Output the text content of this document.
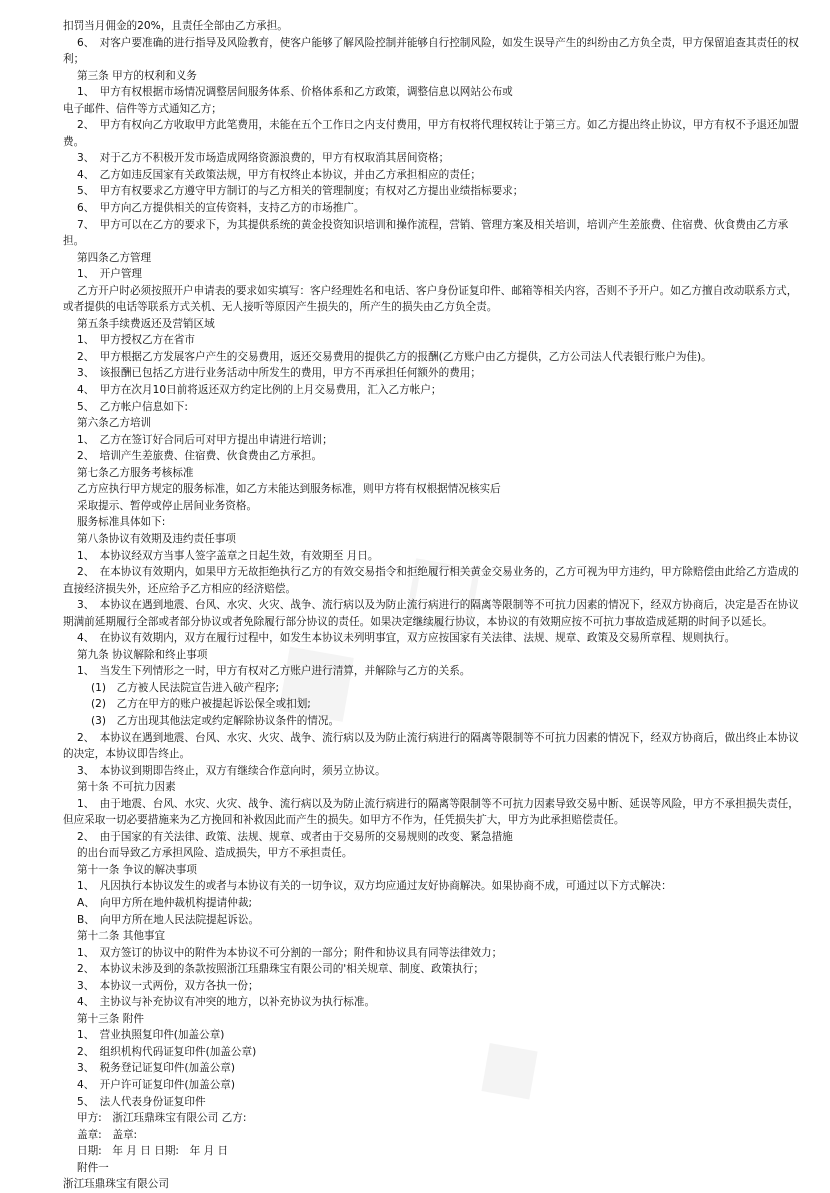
扣罚当月佣金的20%，且责任全部由乙方承担。

6、　对客户要准确的进行指导及风险教育，使客户能够了解风险控制并能够自行控制风险，如发生误导产生的纠纷由乙方负全责，甲方保留追查其责任的权利；

第三条 甲方的权利和义务

1、　甲方有权根据市场情况调整居间服务体系、价格体系和乙方政策，调整信息以网站公布或

电子邮件、信件等方式通知乙方；

2、　甲方有权向乙方收取甲方此笔费用，未能在五个工作日之内支付费用，甲方有权将代理权转让于第三方。如乙方提出终止协议，甲方有权不予退还加盟费。

3、　对于乙方不积极开发市场造成网络资源浪费的，甲方有权取消其居间资格；

4、　乙方如违反国家有关政策法规，甲方有权终止本协议，并由乙方承担相应的责任；

5、　甲方有权要求乙方遵守甲方制订的与乙方相关的管理制度；有权对乙方提出业绩指标要求；

6、　甲方向乙方提供相关的宣传资料，支持乙方的市场推广。

7、　甲方可以在乙方的要求下，为其提供系统的黄金投资知识培训和操作流程，营销、管理方案及相关培训，培训产生差旅费、住宿费、伙食费由乙方承担。

第四条乙方管理

1、　开户管理

乙方开户时必须按照开户申请表的要求如实填写：客户经理姓名和电话、客户身份证复印件、邮箱等相关内容，否则不予开户。如乙方擅自改动联系方式，或者提供的电话等联系方式关机、无人接听等原因产生损失的，所产生的损失由乙方负全责。

第五条手续费返还及营销区域

1、　甲方授权乙方在省市

2、　甲方根据乙方发展客户产生的交易费用，返还交易费用的提供乙方的报酬(乙方账户由乙方提供，乙方公司法人代表银行账户为佳)。

3、　该报酬已包括乙方进行业务活动中所发生的费用，甲方不再承担任何额外的费用；

4、　甲方在次月10日前将返还双方约定比例的上月交易费用，汇入乙方帐户；

5、　乙方帐户信息如下:

第六条乙方培训

1、　乙方在签订好合同后可对甲方提出申请进行培训；

2、　培训产生差旅费、住宿费、伙食费由乙方承担。

第七条乙方服务考核标准

乙方应执行甲方规定的服务标准，如乙方未能达到服务标准，则甲方将有权根据情况核实后

采取提示、暂停或停止居间业务资格。

服务标准具体如下:

第八条协议有效期及违约责任事项

1、　本协议经双方当事人签字盖章之日起生效，有效期至 月日。

2、　在本协议有效期内，如果甲方无故拒绝执行乙方的有效交易指令和拒绝履行相关黄金交易业务的，乙方可视为甲方违约，甲方除赔偿由此给乙方造成的直接经济损失外，还应给予乙方相应的经济赔偿。

3、　本协议在遇到地震、台风、水灾、火灾、战争、流行病以及为防止流行病进行的隔离等限制等不可抗力因素的情况下，经双方协商后，决定是否在协议期满前延期履行全部或者部分协议或者免除履行部分协议的责任。如果决定继续履行协议，本协议的有效期应按不可抗力事故造成延期的时间予以延长。

4、　在协议有效期内，双方在履行过程中，如发生本协议未列明事宜，双方应按国家有关法律、法规、规章、政策及交易所章程、规则执行。

第九条 协议解除和终止事项

1、　当发生下列情形之一时，甲方有权对乙方账户进行清算，并解除与乙方的关系。

(1)　乙方被人民法院宣告进入破产程序;

(2)　乙方在甲方的账户被提起诉讼保全或扣划;

(3)　乙方出现其他法定或约定解除协议条件的情况。

2、　本协议在遇到地震、台风、水灾、火灾、战争、流行病以及为防止流行病进行的隔离等限制等不可抗力因素的情况下，经双方协商后，做出终止本协议的决定，本协议即告终止。

3、　本协议到期即告终止，双方有继续合作意向时，须另立协议。

第十条 不可抗力因素

1、　由于地震、台风、水灾、火灾、战争、流行病以及为防止流行病进行的隔离等限制等不可抗力因素导致交易中断、延误等风险，甲方不承担损失责任，但应采取一切必要措施来为乙方挽回和补救因此而产生的损失。如甲方不作为，任凭损失扩大，甲方为此承担赔偿责任。

2、　由于国家的有关法律、政策、法规、规章、或者由于交易所的交易规则的改变、紧急措施

的出台而导致乙方承担风险、造成损失，甲方不承担责任。

第十一条 争议的解决事项

1、　凡因执行本协议发生的或者与本协议有关的一切争议，双方均应通过友好协商解决。如果协商不成，可通过以下方式解决：

A、　向甲方所在地仲裁机构提请仲裁;

B、　向甲方所在地人民法院提起诉讼。

第十二条 其他事宜

1、　双方签订的协议中的附件为本协议不可分割的一部分；附件和协议具有同等法律效力；

2、　本协议未涉及到的条款按照浙江珏鼎珠宝有限公司的'相关规章、制度、政策执行；

3、　本协议一式两份，双方各执一份；

4、　主协议与补充协议有冲突的地方，以补充协议为执行标准。

第十三条 附件

1、　营业执照复印件(加盖公章)

2、　组织机构代码证复印件(加盖公章)

3、　税务登记证复印件(加盖公章)

4、　开户许可证复印件(加盖公章)

5、　法人代表身份证复印件

甲方:　浙江珏鼎珠宝有限公司 乙方:

盖章:　盖章:

日期:　年 月 日 日期:　年 月 日

附件一

浙江珏鼎珠宝有限公司
